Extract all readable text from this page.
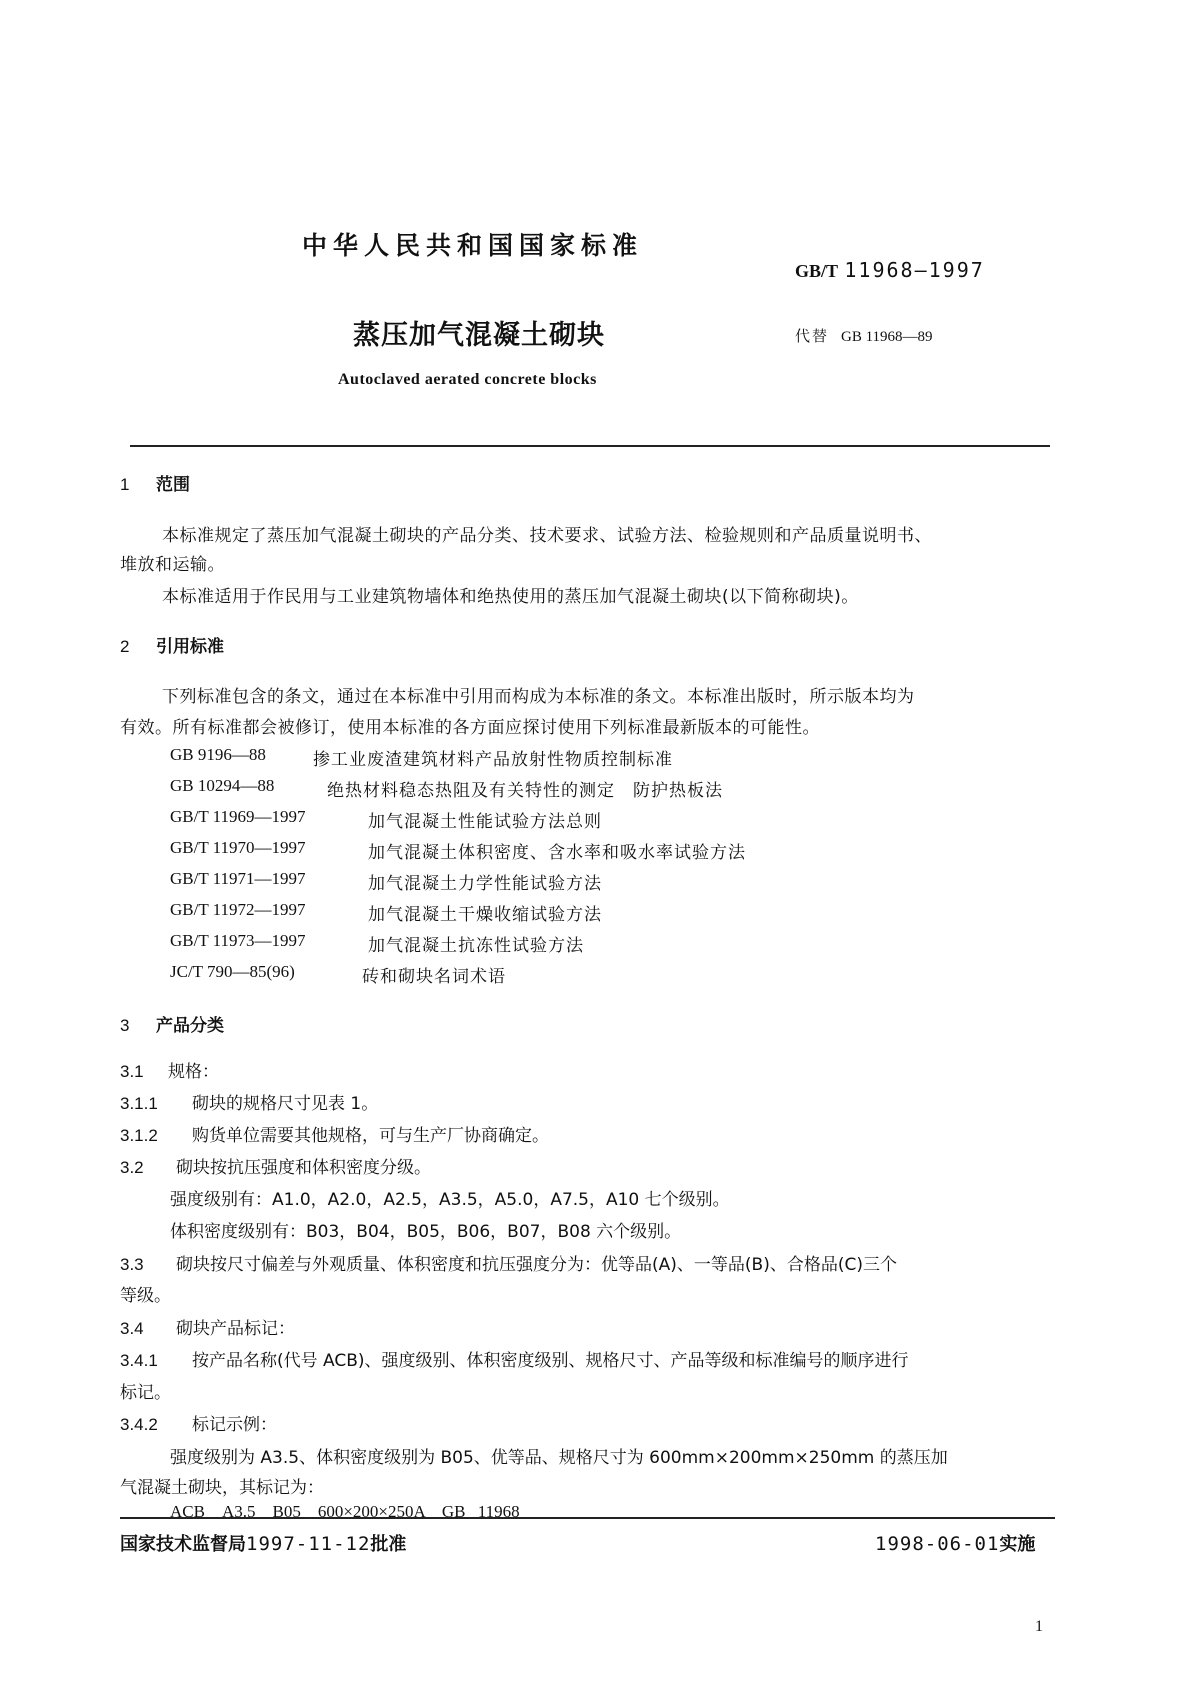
中华人民共和国国家标准
GB/T 11968—1997
蒸压加气混凝土砌块	代替 GB 11968—89
Autoclaved aerated concrete blocks
1 范围
本标准规定了蒸压加气混凝土砌块的产品分类、技术要求、试验方法、检验规则和产品质量说明书、
堆放和运输。
本标准适用于作民用与工业建筑物墙体和绝热使用的蒸压加气混凝土砌块(以下简称砌块)。
2 引用标准
下列标准包含的条文，通过在本标准中引用而构成为本标准的条文。本标准出版时，所示版本均为
有效。所有标准都会被修订，使用本标准的各方面应探讨使用下列标准最新版本的可能性。
GB 9196—88	掺工业废渣建筑材料产品放射性物质控制标准
GB 10294—88	绝热材料稳态热阻及有关特性的测定　防护热板法
GB/T 11969—1997	加气混凝土性能试验方法总则
GB/T 11970—1997	加气混凝土体积密度、含水率和吸水率试验方法
GB/T 11971—1997	加气混凝土力学性能试验方法
GB/T 11972—1997	加气混凝土干燥收缩试验方法
GB/T 11973—1997	加气混凝土抗冻性试验方法
JC/T 790—85(96)	砖和砌块名词术语
3 产品分类
3.1 规格：
3.1.1 砌块的规格尺寸见表 1。
3.1.2 购货单位需要其他规格，可与生产厂协商确定。
3.2 砌块按抗压强度和体积密度分级。
强度级别有：A1.0，A2.0，A2.5，A3.5，A5.0，A7.5，A10 七个级别。
体积密度级别有：B03，B04，B05，B06，B07，B08 六个级别。
3.3 砌块按尺寸偏差与外观质量、体积密度和抗压强度分为：优等品(A)、一等品(B)、合格品(C)三个
等级。
3.4 砌块产品标记：
3.4.1 按产品名称(代号 ACB)、强度级别、体积密度级别、规格尺寸、产品等级和标准编号的顺序进行
标记。
3.4.2 标记示例：
强度级别为 A3.5、体积密度级别为 B05、优等品、规格尺寸为 600mm×200mm×250mm 的蒸压加
气混凝土砌块，其标记为：
ACB　A3.5　B05　600×200×250A　GB 11968
国家技术监督局1997-11-12批准	1998-06-01实施
1
